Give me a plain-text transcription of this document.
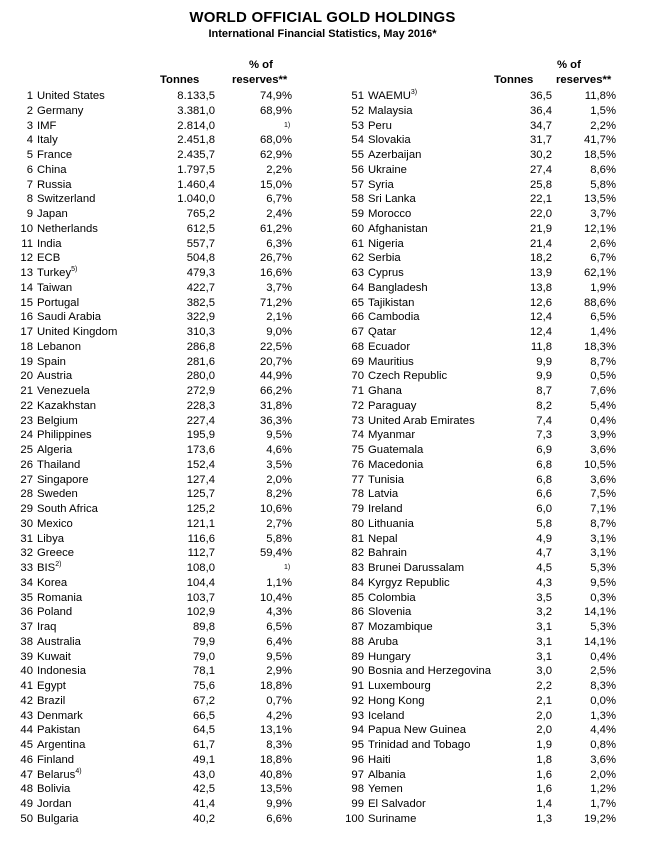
WORLD OFFICIAL GOLD HOLDINGS
International Financial Statistics, May 2016*
Tonnes
% of
reserves**
1 United States	8.133,5	74,9%
2 Germany	3.381,0	68,9%
3 IMF	2.814,0	1)
4 Italy	2.451,8	68,0%
5 France	2.435,7	62,9%
6 China	1.797,5	2,2%
7 Russia	1.460,4	15,0%
8 Switzerland	1.040,0	6,7%
9 Japan	765,2	2,4%
10 Netherlands	612,5	61,2%
11 India	557,7	6,3%
12 ECB	504,8	26,7%
13 Turkey$^{5)}$	479,3	16,6%
14 Taiwan	422,7	3,7%
15 Portugal	382,5	71,2%
16 Saudi Arabia	322,9	2,1%
17 United Kingdom	310,3	9,0%
18 Lebanon	286,8	22,5%
19 Spain	281,6	20,7%
20 Austria	280,0	44,9%
21 Venezuela	272,9	66,2%
22 Kazakhstan	228,3	31,8%
23 Belgium	227,4	36,3%
24 Philippines	195,9	9,5%
25 Algeria	173,6	4,6%
26 Thailand	152,4	3,5%
27 Singapore	127,4	2,0%
28 Sweden	125,7	8,2%
29 South Africa	125,2	10,6%
30 Mexico	121,1	2,7%
31 Libya	116,6	5,8%
32 Greece	112,7	59,4%
33 BIS$^{2)}$	108,0	1)
34 Korea	104,4	1,1%
35 Romania	103,7	10,4%
36 Poland	102,9	4,3%
37 Iraq	89,8	6,5%
38 Australia	79,9	6,4%
39 Kuwait	79,0	9,5%
40 Indonesia	78,1	2,9%
41 Egypt	75,6	18,8%
42 Brazil	67,2	0,7%
43 Denmark	66,5	4,2%
44 Pakistan	64,5	13,1%
45 Argentina	61,7	8,3%
46 Finland	49,1	18,8%
47 Belarus$^{4)}$	43,0	40,8%
48 Bolivia	42,5	13,5%
49 Jordan	41,4	9,9%
50 Bulgaria	40,2	6,6%
Tonnes
% of
reserves**
51 WAEMU$^{3)}$	36,5	11,8%
52 Malaysia	36,4	1,5%
53 Peru	34,7	2,2%
54 Slovakia	31,7	41,7%
55 Azerbaijan	30,2	18,5%
56 Ukraine	27,4	8,6%
57 Syria	25,8	5,8%
58 Sri Lanka	22,1	13,5%
59 Morocco	22,0	3,7%
60 Afghanistan	21,9	12,1%
61 Nigeria	21,4	2,6%
62 Serbia	18,2	6,7%
63 Cyprus	13,9	62,1%
64 Bangladesh	13,8	1,9%
65 Tajikistan	12,6	88,6%
66 Cambodia	12,4	6,5%
67 Qatar	12,4	1,4%
68 Ecuador	11,8	18,3%
69 Mauritius	9,9	8,7%
70 Czech Republic	9,9	0,5%
71 Ghana	8,7	7,6%
72 Paraguay	8,2	5,4%
73 United Arab Emirates	7,4	0,4%
74 Myanmar	7,3	3,9%
75 Guatemala	6,9	3,6%
76 Macedonia	6,8	10,5%
77 Tunisia	6,8	3,6%
78 Latvia	6,6	7,5%
79 Ireland	6,0	7,1%
80 Lithuania	5,8	8,7%
81 Nepal	4,9	3,1%
82 Bahrain	4,7	3,1%
83 Brunei Darussalam	4,5	5,3%
84 Kyrgyz Republic	4,3	9,5%
85 Colombia	3,5	0,3%
86 Slovenia	3,2	14,1%
87 Mozambique	3,1	5,3%
88 Aruba	3,1	14,1%
89 Hungary	3,1	0,4%
90 Bosnia and Herzegovina	3,0	2,5%
91 Luxembourg	2,2	8,3%
92 Hong Kong	2,1	0,0%
93 Iceland	2,0	1,3%
94 Papua New Guinea	2,0	4,4%
95 Trinidad and Tobago	1,9	0,8%
96 Haiti	1,8	3,6%
97 Albania	1,6	2,0%
98 Yemen	1,6	1,2%
99 El Salvador	1,4	1,7%
100 Suriname	1,3	19,2%
